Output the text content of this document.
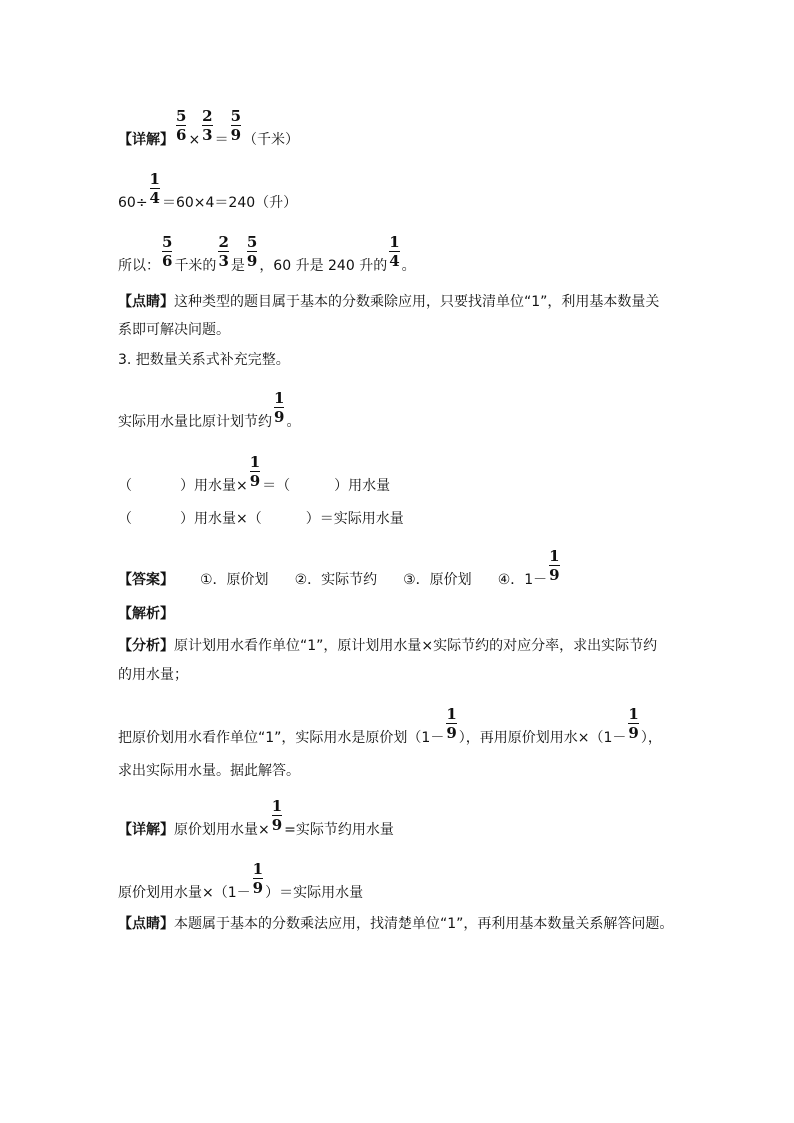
【详解】 $\frac{5}{6} \times \frac{2}{3} = \frac{5}{9}$ （千米）
$60\div \frac{1}{4} =60\times 4=240$（升）
所以： $\frac{5}{6}$ 千米的 $\frac{2}{3}$ 是 $\frac{5}{9}$ ，60 升是 240 升的 $\frac{1}{4}$ 。
【点睛】 这种类型的题目属于基本的分数乘除应用，只要找清单位“1”，利用基本数量关
系即可解决问题。
3. 把数量关系式补充完整。
实际用水量比原计划节约 $\frac{1}{9}$ 。
（	）用水量× $\frac{1}{9}$ ＝（	）用水量
（	）用水量×（	）＝实际用水量
【答案】 ①．原价划 ②．实际节约 ③．原价划 ④．$1- \frac{1}{9}$
【解析】
【分析】 原计划用水看作单位“1”，原计划用水量×实际节约的对应分率，求出实际节约
的用水量；
把原价划用水看作单位“1”，实际用水是原价划（$1- \frac{1}{9}$ ），再用原价划用水$\times(1- \frac{1}{9}$ ），
求出实际用水量。据此解答。
【详解】 原价划用水量× $\frac{1}{9}$ =实际节约用水量
原价划用水量$\times(1- \frac{1}{9}$ ）＝实际用水量
【点睛】 本题属于基本的分数乘法应用，找清楚单位“1”，再利用基本数量关系解答问题。
